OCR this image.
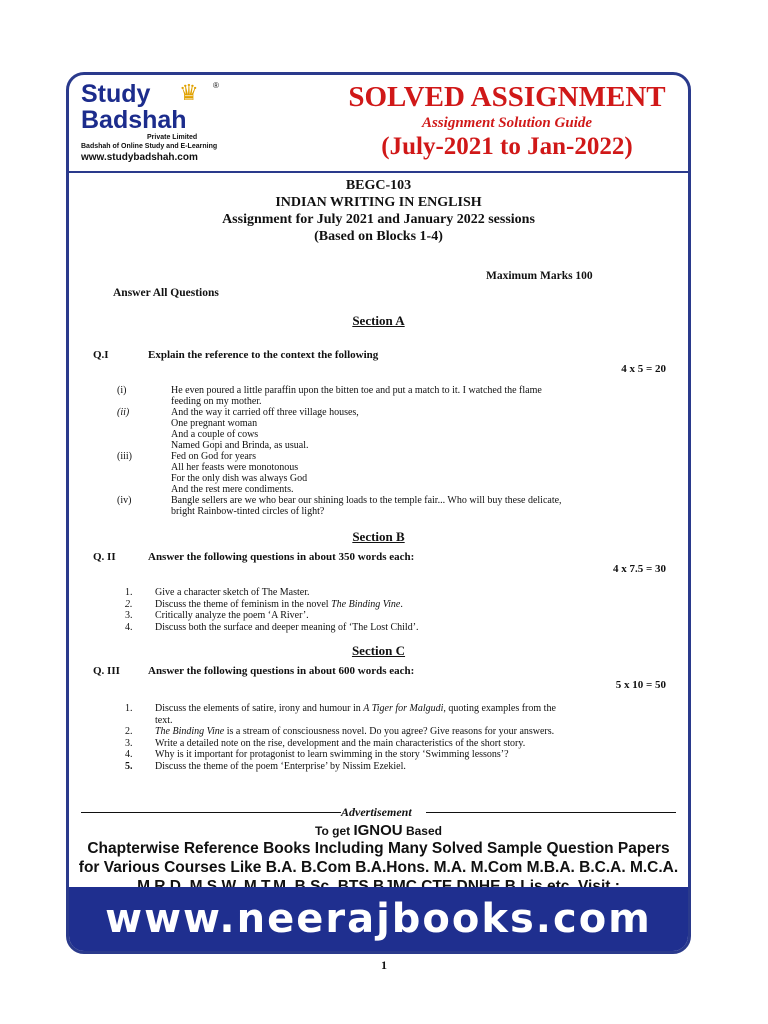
Study	♛ ®
Badshah
Private Limited
Badshah of Online Study and E-Learning
www.studybadshah.com
SOLVED ASSIGNMENT
Assignment Solution Guide
(July-2021 to Jan-2022)
BEGC-103
INDIAN WRITING IN ENGLISH
Assignment for July 2021 and January 2022 sessions
(Based on Blocks 1-4)
Maximum Marks 100
Answer All Questions
Section A
Q.I	Explain the reference to the context the following
4 x 5 = 20
(i)	He even poured a little paraffin upon the bitten toe and put a match to it. I watched the flame
feeding on my mother.
(ii)	And the way it carried off three village houses,
One pregnant woman
And a couple of cows
Named Gopi and Brinda, as usual.
(iii)	Fed on God for years
All her feasts were monotonous
For the only dish was always God
And the rest mere condiments.
(iv)	Bangle sellers are we who bear our shining loads to the temple fair... Who will buy these delicate,
bright Rainbow-tinted circles of light?
Section B
Q. II	Answer the following questions in about 350 words each:
4 x 7.5 = 30
1. Give a character sketch of The Master.
2. Discuss the theme of feminism in the novel The Binding Vine.
3. Critically analyze the poem ‘A River’.
4. Discuss both the surface and deeper meaning of ‘The Lost Child’.
Section C
Q. III	Answer the following questions in about 600 words each:
5 x 10 = 50
1. Discuss the elements of satire, irony and humour in A Tiger for Malgudi, quoting examples from the
text.
2. The Binding Vine is a stream of consciousness novel. Do you agree? Give reasons for your answers.
3. Write a detailed note on the rise, development and the main characteristics of the short story.
4. Why is it important for protagonist to learn swimming in the story ‘Swimming lessons’?
5. Discuss the theme of the poem ‘Enterprise’ by Nissim Ezekiel.
Advertisement
To get IGNOU Based
Chapterwise Reference Books Including Many Solved Sample Question Papers
for Various Courses Like B.A. B.Com B.A.Hons. M.A. M.Com M.B.A. B.C.A. M.C.A.
www.neerajbooks.com
1
